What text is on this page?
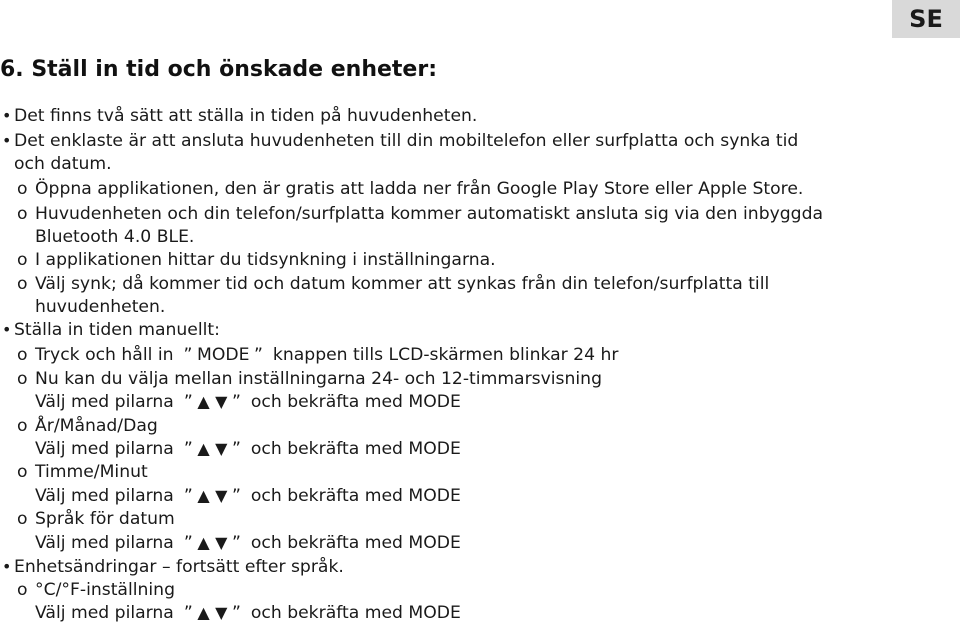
SE
6. Ställ in tid och önskade enheter:
• Det finns två sätt att ställa in tiden på huvudenheten.
• Det enklaste är att ansluta huvudenheten till din mobiltelefon eller surfplatta och synka tid
och datum.
o Öppna applikationen, den är gratis att ladda ner från Google Play Store eller Apple Store.
o Huvudenheten och din telefon/surfplatta kommer automatiskt ansluta sig via den inbyggda
Bluetooth 4.0 BLE.
o I applikationen hittar du tidsynkning i inställningarna.
o Välj synk; då kommer tid och datum kommer att synkas från din telefon/surfplatta till
huvudenheten.
• Ställa in tiden manuellt:
o Tryck och håll in ” MODE ” knappen tills LCD-skärmen blinkar 24 hr
o Nu kan du välja mellan inställningarna 24- och 12-timmarsvisning
Välj med pilarna ” ▲ ▼ ” och bekräfta med MODE
o År/Månad/Dag
Välj med pilarna ” ▲ ▼ ” och bekräfta med MODE
o Timme/Minut
Välj med pilarna ” ▲ ▼ ” och bekräfta med MODE
o Språk för datum
Välj med pilarna ” ▲ ▼ ” och bekräfta med MODE
• Enhetsändringar – fortsätt efter språk.
o °C/°F-inställning
Välj med pilarna ” ▲ ▼ ” och bekräfta med MODE
